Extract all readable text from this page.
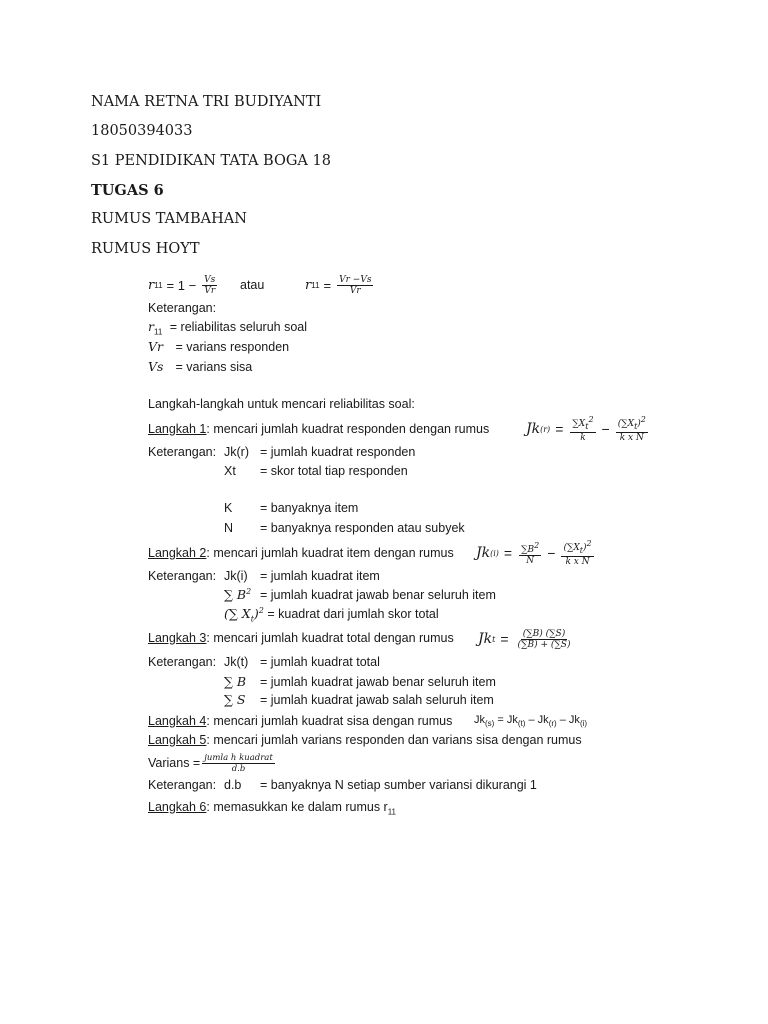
NAMA RETNA TRI BUDIYANTI
18050394033
S1 PENDIDIKAN TATA BOGA 18
TUGAS 6
RUMUS TAMBAHAN
RUMUS HOYT
r $11 = 1 - \frac{Vs}{Vr}$ atau	r $11 = \frac{Vr -Vs}{Vr}$
Keterangan:
$r_{11}$ = reliabilitas seluruh soal
Vr = varians responden
Vs = varians sisa
Langkah-langkah untuk mencari reliabilitas soal:
Langkah 1: mencari jumlah kuadrat responden dengan rumus	Jk $(r) = \frac{\sum X_t^2}{k} - \frac{(\sum X_t)^2}{\text{k x N}}$
Keterangan: Jk(r) = jumlah kuadrat responden
Xt = skor total tiap responden
K = banyaknya item
N = banyaknya responden atau subyek
Langkah 2: mencari jumlah kuadrat item dengan rumus Jk $(i) = \frac{\sum B^2}{N} - \frac{(\sum X_t)^2}{\text{k x N}}$
Keterangan: Jk(i) = jumlah kuadrat item
∑ $B^2$ = jumlah kuadrat jawab benar seluruh item
(∑ $X_t)^2$ = kuadrat dari jumlah skor total
Langkah 3: mencari jumlah kuadrat total dengan rumus Jk $t = \frac{(\sum B) (\sum S)}{(\sum B) + (\sum S)}$
Keterangan: Jk(t) = jumlah kuadrat total
∑ B = jumlah kuadrat jawab benar seluruh item
∑ S = jumlah kuadrat jawab salah seluruh item
Langkah 4: mencari jumlah kuadrat sisa dengan rumus $Jk_{(s)} = Jk_{(t)} - Jk_{(r)} - Jk_{(i)}$
Langkah 5: mencari jumlah varians responden dan varians sisa dengan rumus
Varians = $\frac{\text{jumla h kuadrat}}{d.b}$
Keterangan: d.b = banyaknya N setiap sumber variansi dikurangi 1
Langkah 6: memasukkan ke dalam rumus $r_{11}$
